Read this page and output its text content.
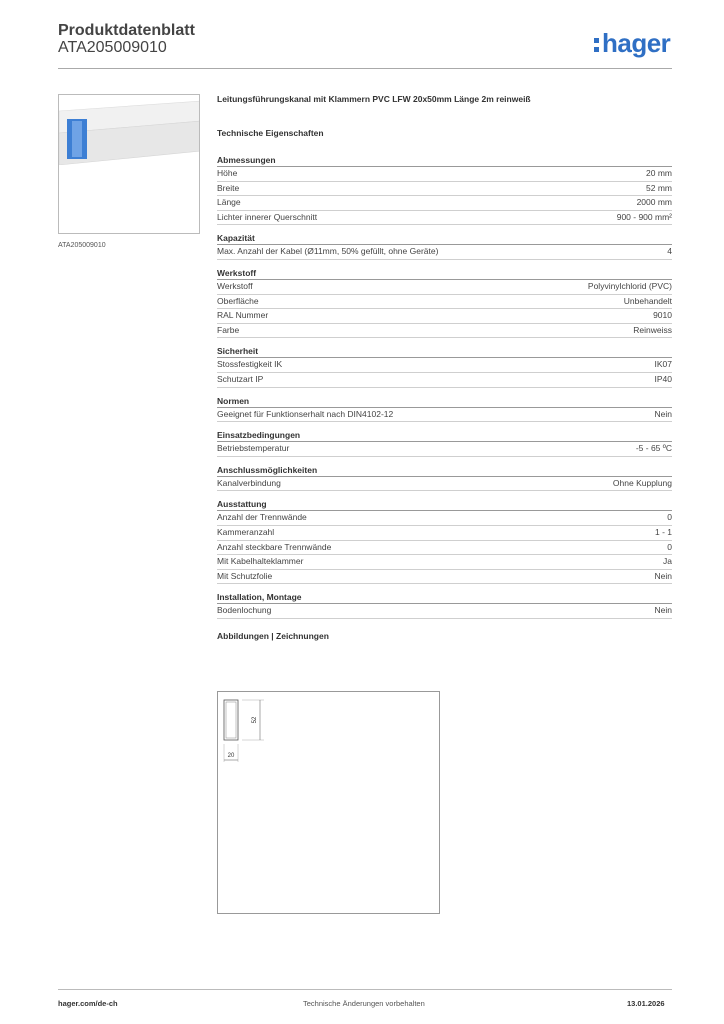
Produktdatenblatt
ATA205009010	hager
ATA205009010
Leitungsführungskanal mit Klammern PVC LFW 20x50mm Länge 2m reinweiß
Technische Eigenschaften
Abmessungen
Höhe	20 mm
Breite	52 mm
Länge	2000 mm
Lichter innerer Querschnitt	900 - 900 mm²
Kapazität
Max. Anzahl der Kabel (Ø11mm, 50% gefüllt, ohne Geräte)	4
Werkstoff
Werkstoff	Polyvinylchlorid (PVC)
Oberfläche	Unbehandelt
RAL Nummer	9010
Farbe	Reinweiss
Sicherheit
Stossfestigkeit IK	IK07
Schutzart IP	IP40
Normen
Geeignet für Funktionserhalt nach DIN4102-12	Nein
Einsatzbedingungen
Betriebstemperatur	-5 - 65 ºC
Anschlussmöglichkeiten
Kanalverbindung	Ohne Kupplung
Ausstattung
Anzahl der Trennwände	0
Kammeranzahl	1 - 1
Anzahl steckbare Trennwände	0
Mit Kabelhalteklammer	Ja
Mit Schutzfolie	Nein
Installation, Montage
Bodenlochung	Nein
Abbildungen | Zeichnungen
52
20
hager.com/de-ch	Technische Änderungen vorbehalten	13.01.2026
